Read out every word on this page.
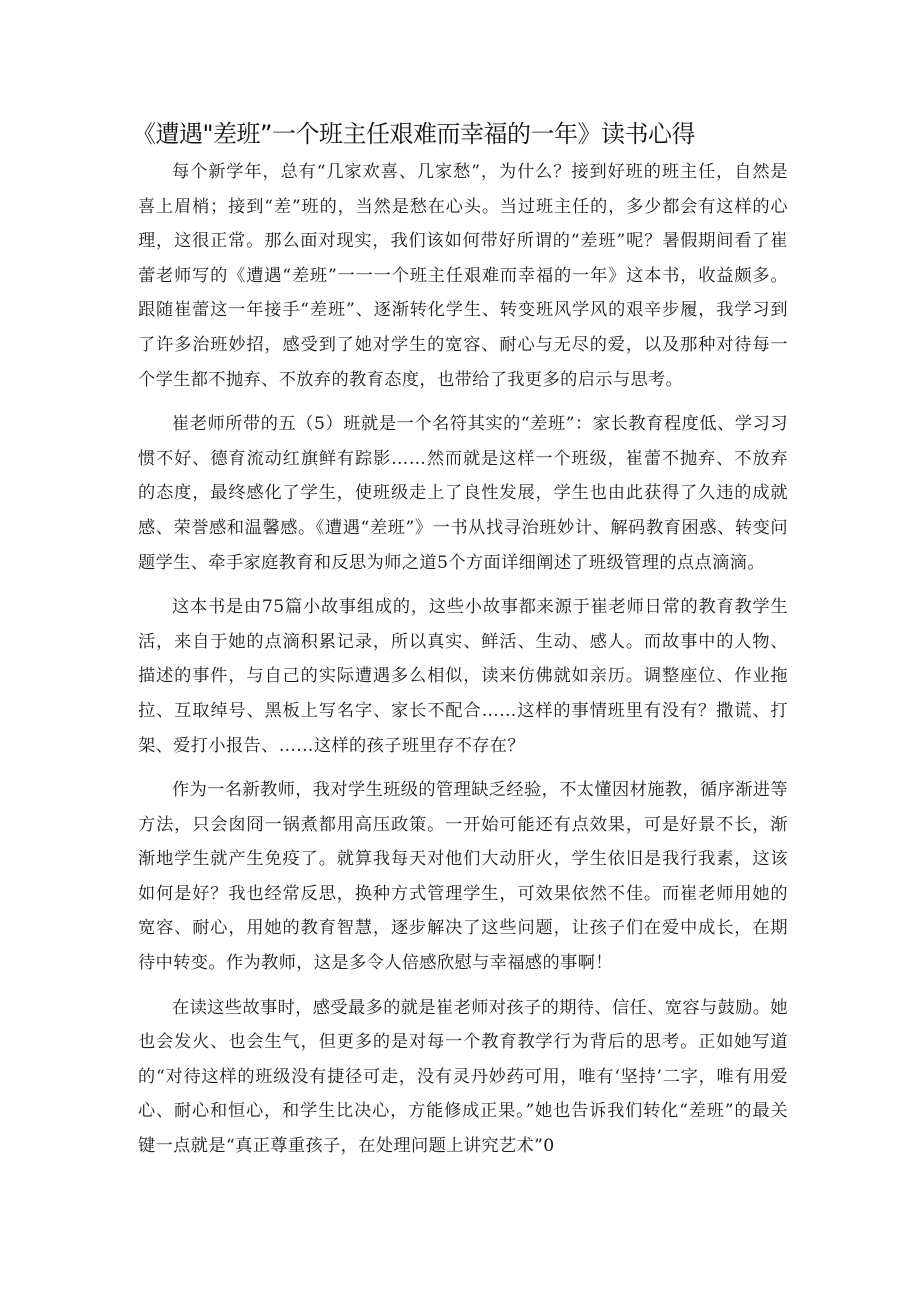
《遭遇"差班”一个班主任艰难而幸福的一年》读书心得

每个新学年，总有“几家欢喜、几家愁”，为什么？接到好班的班主任，自然是喜上眉梢；接到“差”班的，当然是愁在心头。当过班主任的，多少都会有这样的心理，这很正常。那么面对现实，我们该如何带好所谓的“差班”呢？暑假期间看了崔蕾老师写的《遭遇“差班”一一一个班主任艰难而幸福的一年》这本书，收益颇多。跟随崔蕾这一年接手“差班”、逐渐转化学生、转变班风学风的艰辛步履，我学习到了许多治班妙招，感受到了她对学生的宽容、耐心与无尽的爱，以及那种对待每一个学生都不抛弃、不放弃的教育态度，也带给了我更多的启示与思考。

崔老师所带的五（5）班就是一个名符其实的“差班”：家长教育程度低、学习习惯不好、德育流动红旗鲜有踪影……然而就是这样一个班级，崔蕾不抛弃、不放弃的态度，最终感化了学生，使班级走上了良性发展，学生也由此获得了久违的成就感、荣誉感和温馨感。《遭遇“差班”》一书从找寻治班妙计、解码教育困惑、转变问题学生、牵手家庭教育和反思为师之道5个方面详细阐述了班级管理的点点滴滴。

这本书是由75篇小故事组成的，这些小故事都来源于崔老师日常的教育教学生活，来自于她的点滴积累记录，所以真实、鲜活、生动、感人。而故事中的人物、描述的事件，与自己的实际遭遇多么相似，读来仿佛就如亲历。调整座位、作业拖拉、互取绰号、黑板上写名字、家长不配合……这样的事情班里有没有？撒谎、打架、爱打小报告、……这样的孩子班里存不存在？

作为一名新教师，我对学生班级的管理缺乏经验，不太懂因材施教，循序渐进等方法，只会囱冏一锅煮都用高压政策。一开始可能还有点效果，可是好景不长，渐渐地学生就产生免疫了。就算我每天对他们大动肝火，学生依旧是我行我素，这该如何是好？我也经常反思，换种方式管理学生，可效果依然不佳。而崔老师用她的宽容、耐心，用她的教育智慧，逐步解决了这些问题，让孩子们在爱中成长，在期待中转变。作为教师，这是多令人倍感欣慰与幸福感的事啊！

在读这些故事时，感受最多的就是崔老师对孩子的期待、信任、宽容与鼓励。她也会发火、也会生气，但更多的是对每一个教育教学行为背后的思考。正如她写道的“对待这样的班级没有捷径可走，没有灵丹妙药可用，唯有‘坚持’二字，唯有用爱心、耐心和恒心，和学生比决心，方能修成正果。”她也告诉我们转化“差班”的最关键一点就是“真正尊重孩子，在处理问题上讲究艺术”0
